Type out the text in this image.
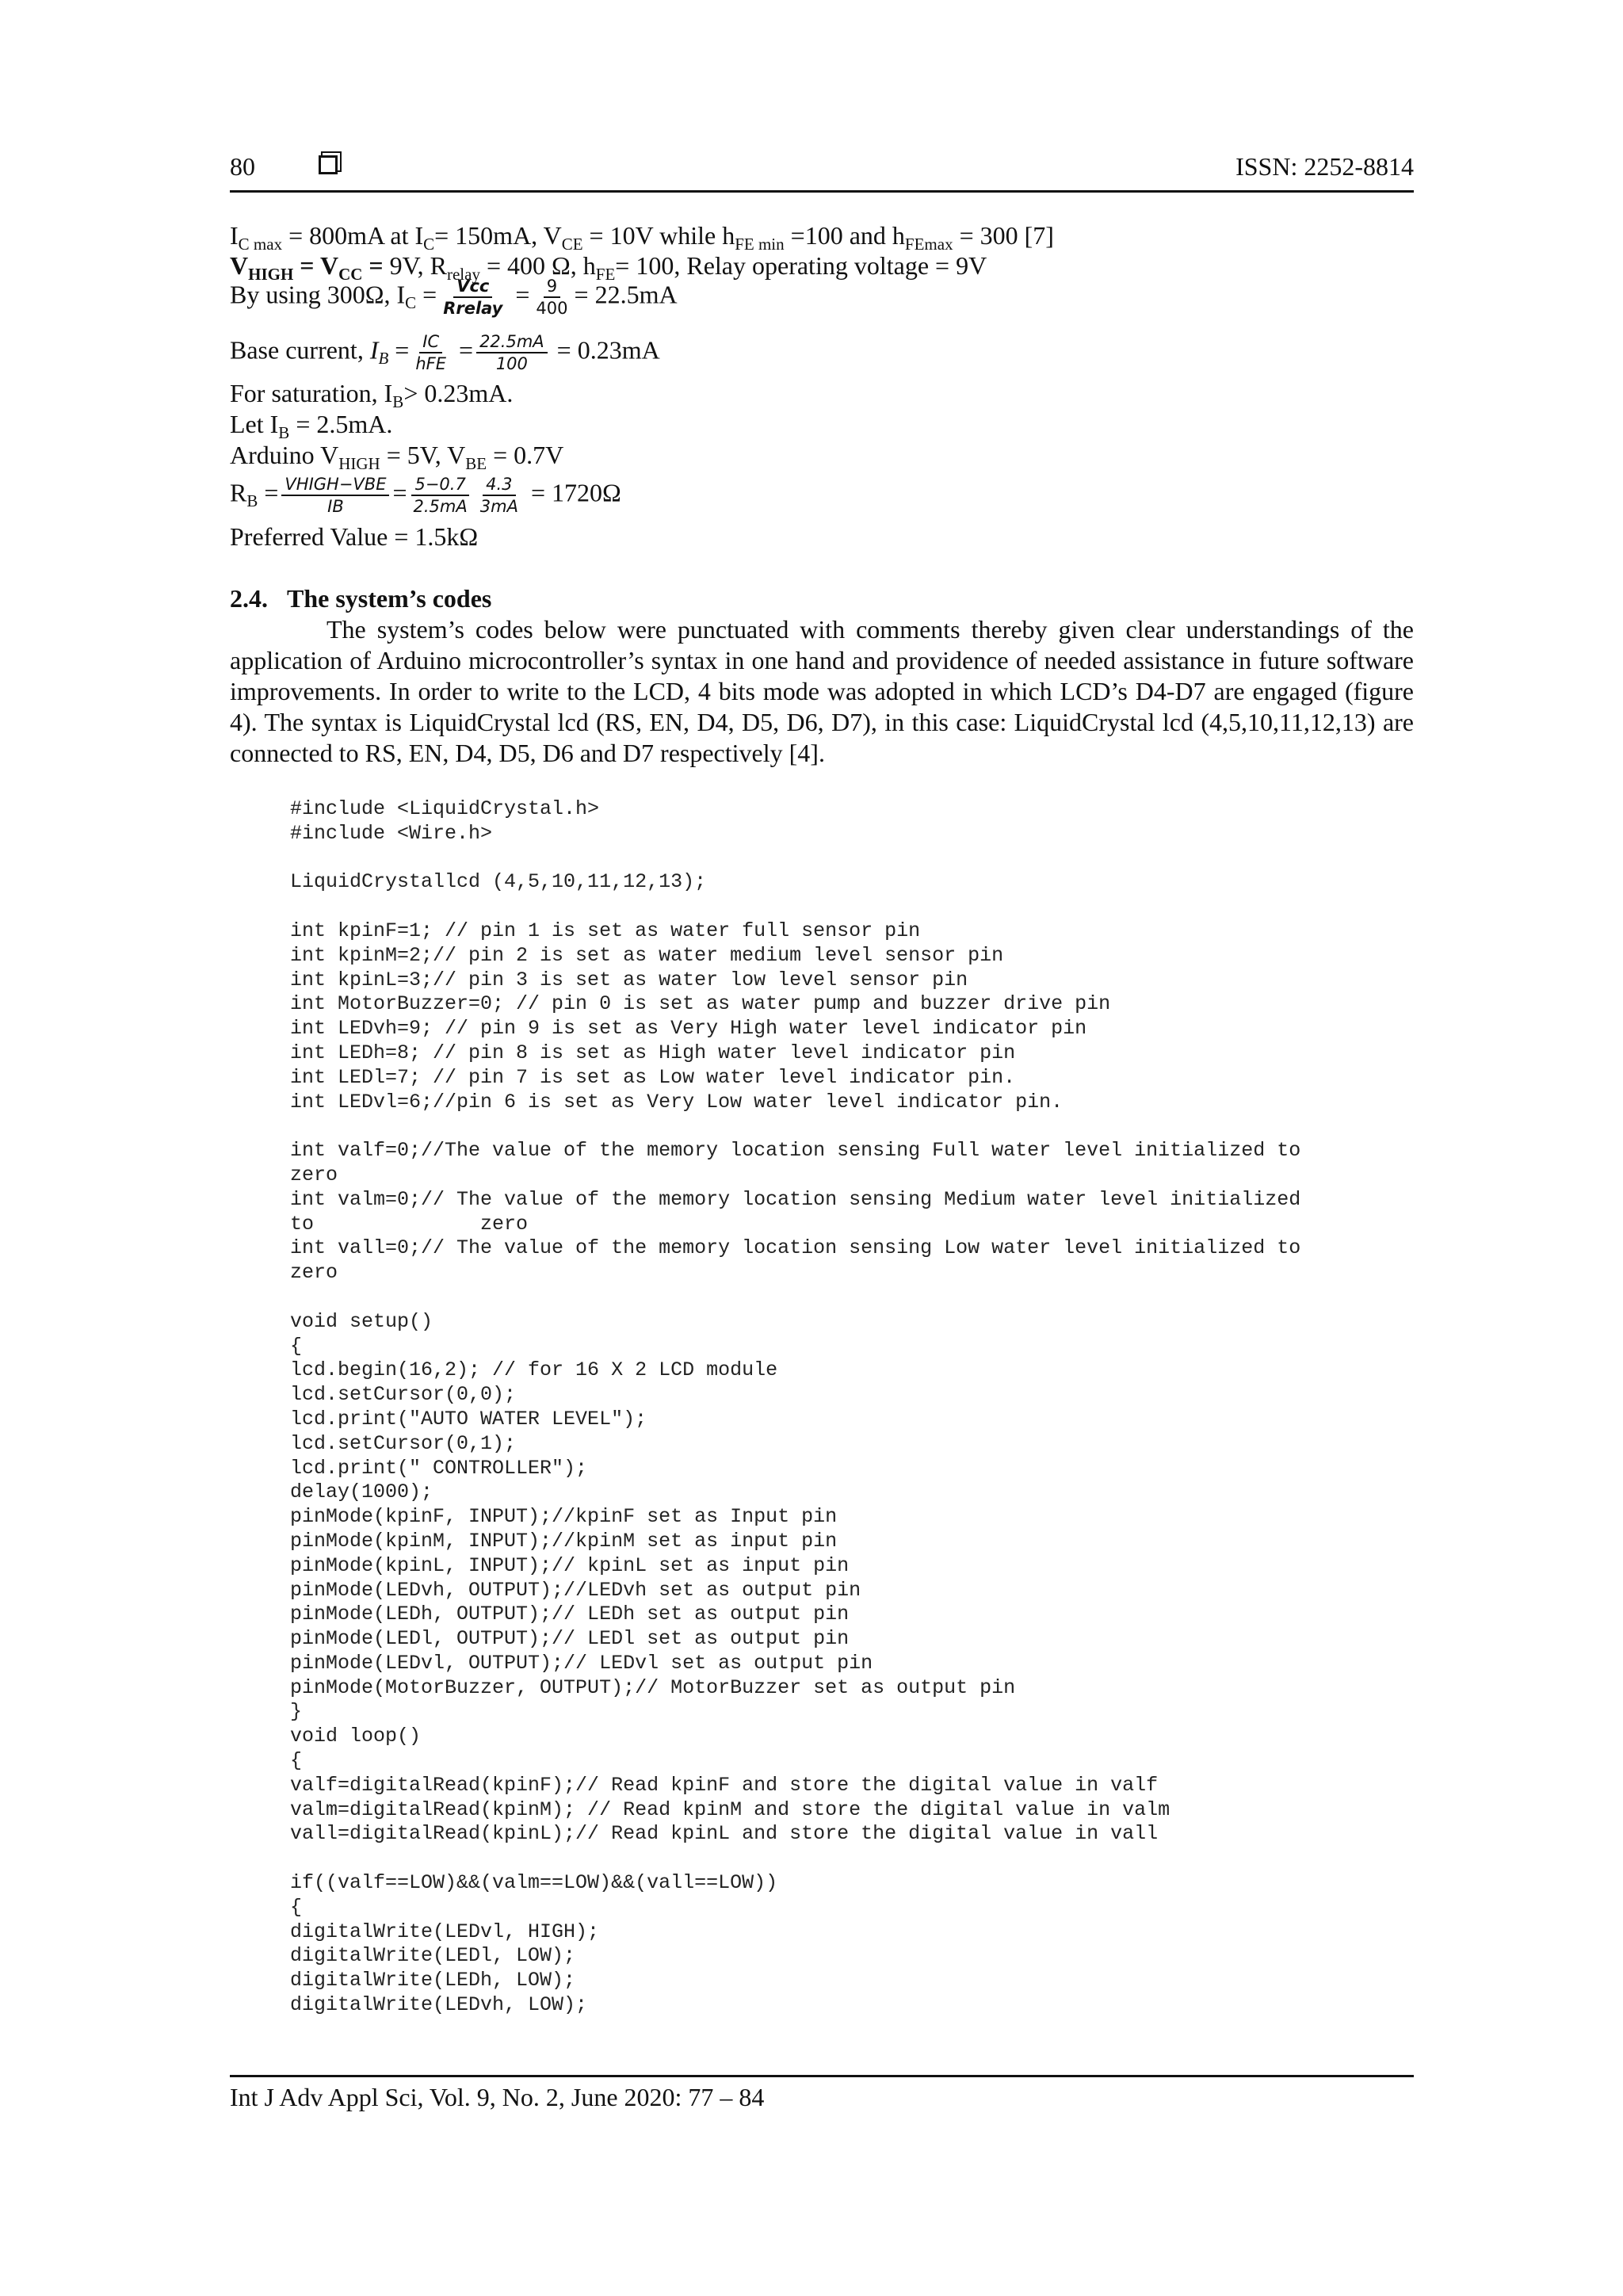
80	ISSN: 2252-8814
$I_{C max} = 800mA$ at $I_C= 150mA$, $V_{CE} = 10V$ while $h_{FE min} =100$ and $h_{FEmax} = 300$ [7]
$V_{HIGH} = V_{CC} = 9V$, $R_{relay} = 400$ Ω, $h_{FE}= 100$, Relay operating voltage = 9V
By using 300Ω, $I_C = \frac{\text{Vcc}}{\text{Rrelay}} = \frac{9}{400} = 22.5mA$
Base current, $I_B = \frac{IC}{\text{hFE}} = \frac{22.5mA}{100} = 0.23mA$
For saturation, $I_B> 0.23mA$.
Let $I_B = 2.5mA$.
Arduino $V_{HIGH} = 5V$, $V_{BE} = 0.7V$
$R_B = \frac{\text{VHIGH−VBE}}{IB} = \frac{5-0.7}{2.5mA} \frac{4.3}{3mA} = 1720\Omega$
Preferred Value = 1.5kΩ
2.4. The system’s codes
The system’s codes below were punctuated with comments thereby given clear understandings of the application of Arduino microcontroller’s syntax in one hand and providence of needed assistance in future software improvements. In order to write to the LCD, 4 bits mode was adopted in which LCD’s D4-D7 are engaged (figure 4). The syntax is LiquidCrystal lcd (RS, EN, D4, D5, D6, D7), in this case: LiquidCrystal lcd (4,5,10,11,12,13) are connected to RS, EN, D4, D5, D6 and D7 respectively [4].
#include <LiquidCrystal.h>
#include <Wire.h>
LiquidCrystallcd (4,5,10,11,12,13);
int kpinF=1; // pin 1 is set as water full sensor pin
int kpinM=2;// pin 2 is set as water medium level sensor pin
int kpinL=3;// pin 3 is set as water low level sensor pin
int MotorBuzzer=0; // pin 0 is set as water pump and buzzer drive pin
int LEDvh=9; // pin 9 is set as Very High water level indicator pin
int LEDh=8; // pin 8 is set as High water level indicator pin
int LEDl=7; // pin 7 is set as Low water level indicator pin.
int LEDvl=6;//pin 6 is set as Very Low water level indicator pin.
int valf=0;//The value of the memory location sensing Full water level initialized to
zero
int valm=0;// The value of the memory location sensing Medium water level initialized
to              zero
int vall=0;// The value of the memory location sensing Low water level initialized to
zero
void setup()
{
lcd.begin(16,2); // for 16 X 2 LCD module
lcd.setCursor(0,0);
lcd.print("AUTO WATER LEVEL");
lcd.setCursor(0,1);
lcd.print(" CONTROLLER");
delay(1000);
pinMode(kpinF, INPUT);//kpinF set as Input pin
pinMode(kpinM, INPUT);//kpinM set as input pin
pinMode(kpinL, INPUT);// kpinL set as input pin
pinMode(LEDvh, OUTPUT);//LEDvh set as output pin
pinMode(LEDh, OUTPUT);// LEDh set as output pin
pinMode(LEDl, OUTPUT);// LEDl set as output pin
pinMode(LEDvl, OUTPUT);// LEDvl set as output pin
pinMode(MotorBuzzer, OUTPUT);// MotorBuzzer set as output pin
}
void loop()
{
valf=digitalRead(kpinF);// Read kpinF and store the digital value in valf
valm=digitalRead(kpinM); // Read kpinM and store the digital value in valm
vall=digitalRead(kpinL);// Read kpinL and store the digital value in vall
if((valf==LOW)&&(valm==LOW)&&(vall==LOW))
{
digitalWrite(LEDvl, HIGH);
digitalWrite(LEDl, LOW);
digitalWrite(LEDh, LOW);
digitalWrite(LEDvh, LOW);
Int J Adv Appl Sci, Vol. 9, No. 2, June 2020: 77 – 84
